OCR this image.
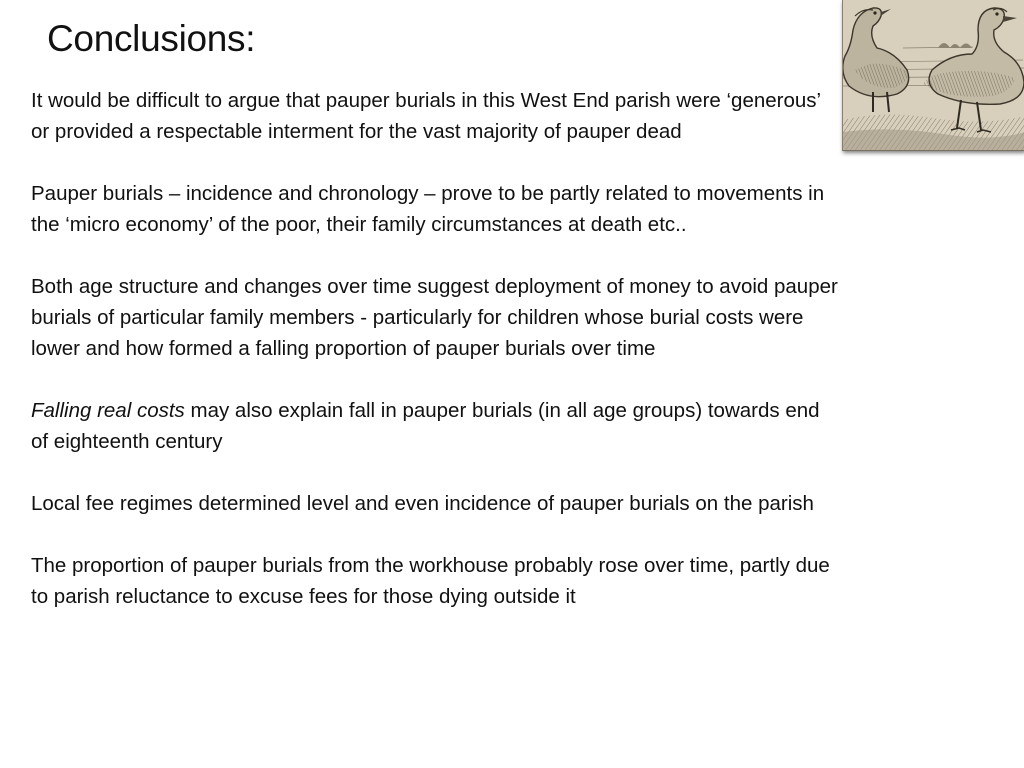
Conclusions:

It would be difficult to argue that pauper burials in this West End parish were ‘generous’ or provided a respectable interment for the vast majority of pauper dead

Pauper burials – incidence and chronology – prove to be partly related to movements in the ‘micro economy’ of the poor, their family circumstances at death etc..

Both age structure and changes over time suggest deployment of money to avoid pauper burials of particular family members - particularly for children whose burial costs were lower and how formed a falling proportion of pauper burials over time

Falling real costs may also explain fall in pauper burials (in all age groups) towards end of eighteenth century

Local fee regimes determined level and even incidence of pauper burials on the parish

The proportion of pauper burials from the workhouse probably rose over time, partly due to parish reluctance to excuse fees for those dying outside it
